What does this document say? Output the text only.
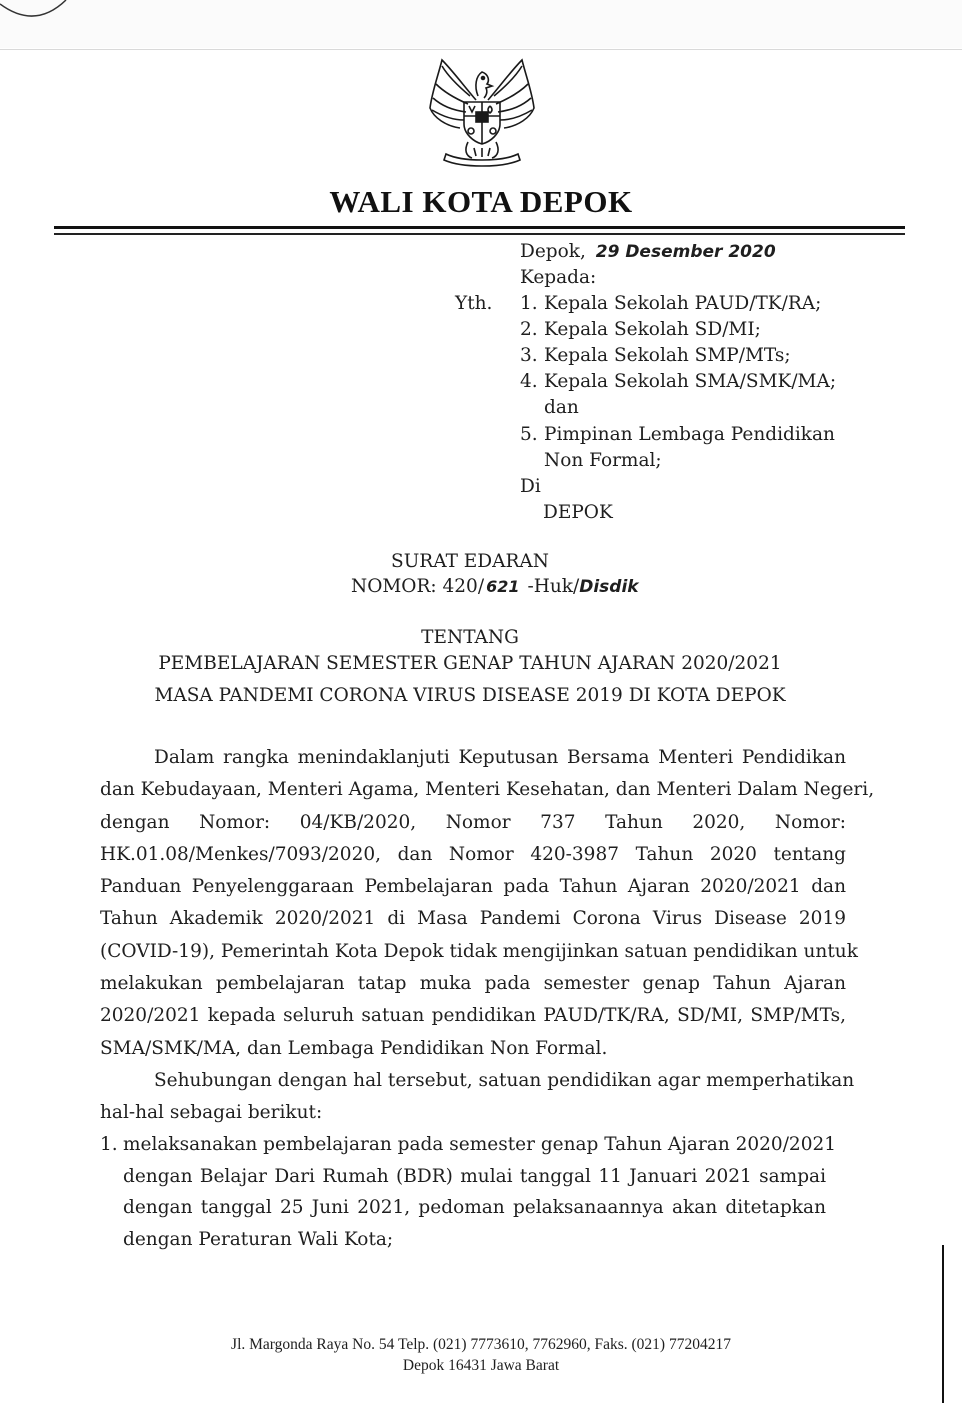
WALI KOTA DEPOK
Depok, 29 Desember 2020
Kepada:
Yth. 1. Kepala Sekolah PAUD/TK/RA;
2. Kepala Sekolah SD/MI;
3. Kepala Sekolah SMP/MTs;
4. Kepala Sekolah SMA/SMK/MA;
dan
5. Pimpinan Lembaga Pendidikan
Non Formal;
Di
DEPOK
SURAT EDARAN
NOMOR: 420/ 621 -Huk/Disdik
TENTANG
PEMBELAJARAN SEMESTER GENAP TAHUN AJARAN 2020/2021
MASA PANDEMI CORONA VIRUS DISEASE 2019 DI KOTA DEPOK
Dalam rangka menindaklanjuti Keputusan Bersama Menteri Pendidikan
dan Kebudayaan, Menteri Agama, Menteri Kesehatan, dan Menteri Dalam Negeri,
dengan Nomor: 04/KB/2020, Nomor 737 Tahun 2020, Nomor:
HK.01.08/Menkes/7093/2020, dan Nomor 420-3987 Tahun 2020 tentang
Panduan Penyelenggaraan Pembelajaran pada Tahun Ajaran 2020/2021 dan
Tahun Akademik 2020/2021 di Masa Pandemi Corona Virus Disease 2019
(COVID-19), Pemerintah Kota Depok tidak mengijinkan satuan pendidikan untuk
melakukan pembelajaran tatap muka pada semester genap Tahun Ajaran
2020/2021 kepada seluruh satuan pendidikan PAUD/TK/RA, SD/MI, SMP/MTs,
SMA/SMK/MA, dan Lembaga Pendidikan Non Formal.
Sehubungan dengan hal tersebut, satuan pendidikan agar memperhatikan
hal-hal sebagai berikut:
1. melaksanakan pembelajaran pada semester genap Tahun Ajaran 2020/2021
dengan Belajar Dari Rumah (BDR) mulai tanggal 11 Januari 2021 sampai
dengan tanggal 25 Juni 2021, pedoman pelaksanaannya akan ditetapkan
dengan Peraturan Wali Kota;
Jl. Margonda Raya No. 54 Telp. (021) 7773610, 7762960, Faks. (021) 77204217
Depok 16431 Jawa Barat
